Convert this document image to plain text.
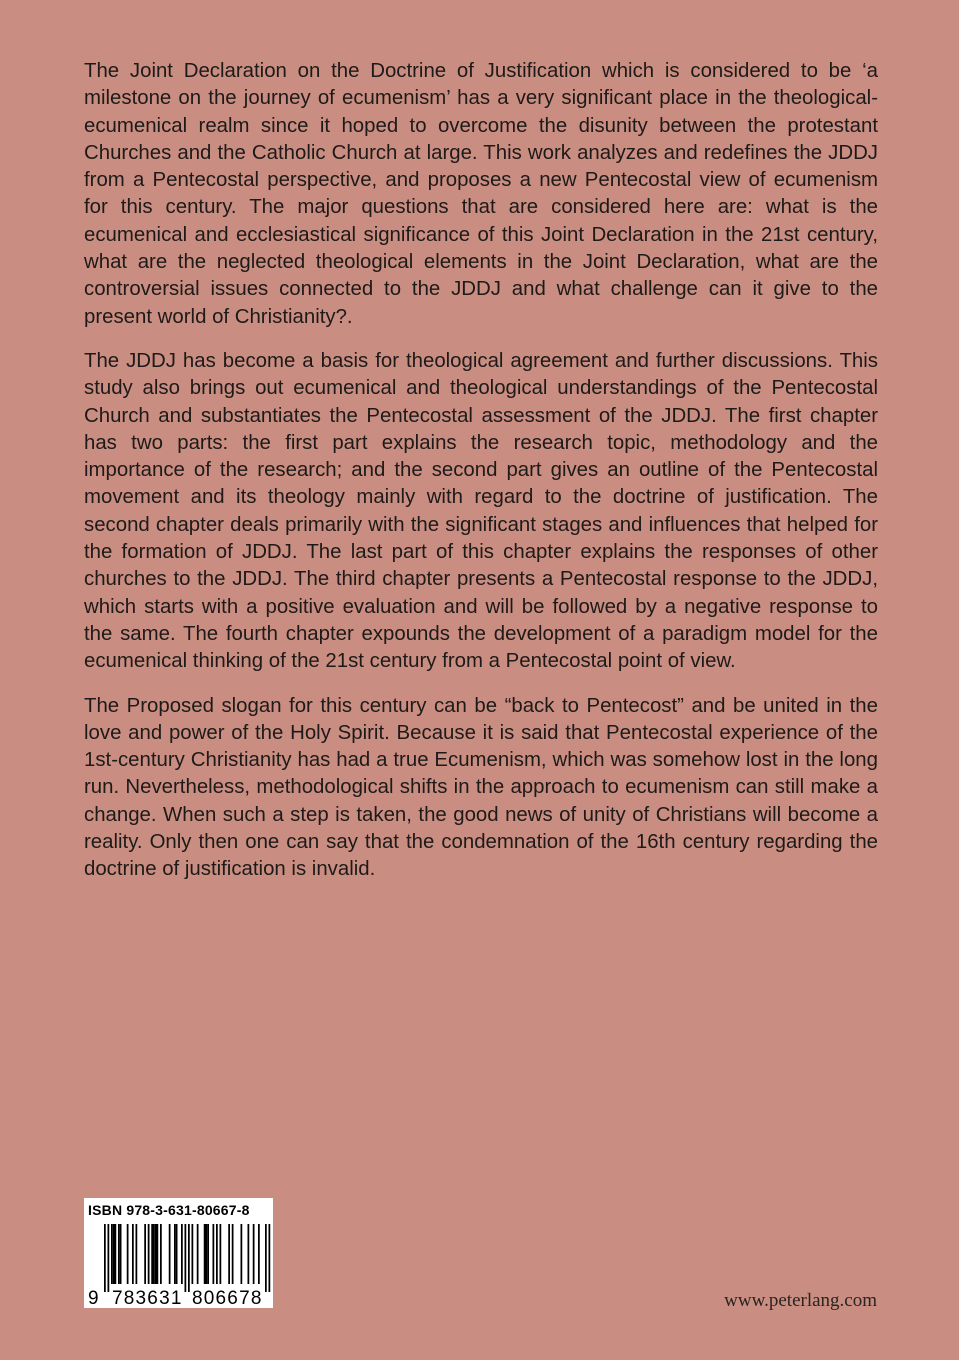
The Joint Declaration on the Doctrine of Justification which is considered to be ‘a milestone on the journey of ecumenism’ has a very significant place in the theological-ecumenical realm since it hoped to overcome the disunity between the protestant Churches and the Catholic Church at large. This work analyzes and redefines the JDDJ from a Pentecostal perspective, and proposes a new Pentecostal view of ecumenism for this century. The major questions that are considered here are: what is the ecumenical and ecclesiastical significance of this Joint Declaration in the 21st century, what are the neglected theological elements in the Joint Declaration, what are the controversial issues connected to the JDDJ and what challenge can it give to the present world of Christianity?.

The JDDJ has become a basis for theological agreement and further discussions. This study also brings out ecumenical and theological understandings of the Pentecostal Church and substantiates the Pentecostal assessment of the JDDJ. The first chapter has two parts: the first part explains the research topic, methodology and the importance of the research; and the second part gives an outline of the Pentecostal movement and its theology mainly with regard to the doctrine of justification. The second chapter deals primarily with the significant stages and influences that helped for the formation of JDDJ. The last part of this chapter explains the responses of other churches to the JDDJ. The third chapter presents a Pentecostal response to the JDDJ, which starts with a positive evaluation and will be followed by a negative response to the same. The fourth chapter expounds the development of a paradigm model for the ecumenical thinking of the 21st century from a Pentecostal point of view.

The Proposed slogan for this century can be “back to Pentecost” and be united in the love and power of the Holy Spirit. Because it is said that Pentecostal experience of the 1st-century Christianity has had a true Ecumenism, which was somehow lost in the long run. Nevertheless, methodological shifts in the approach to ecumenism can still make a change. When such a step is taken, the good news of unity of Christians will become a reality. Only then one can say that the condemnation of the 16th century regarding the doctrine of justification is invalid.

ISBN 978-3-631-80667-8
9 783631 806678	www.peterlang.com
